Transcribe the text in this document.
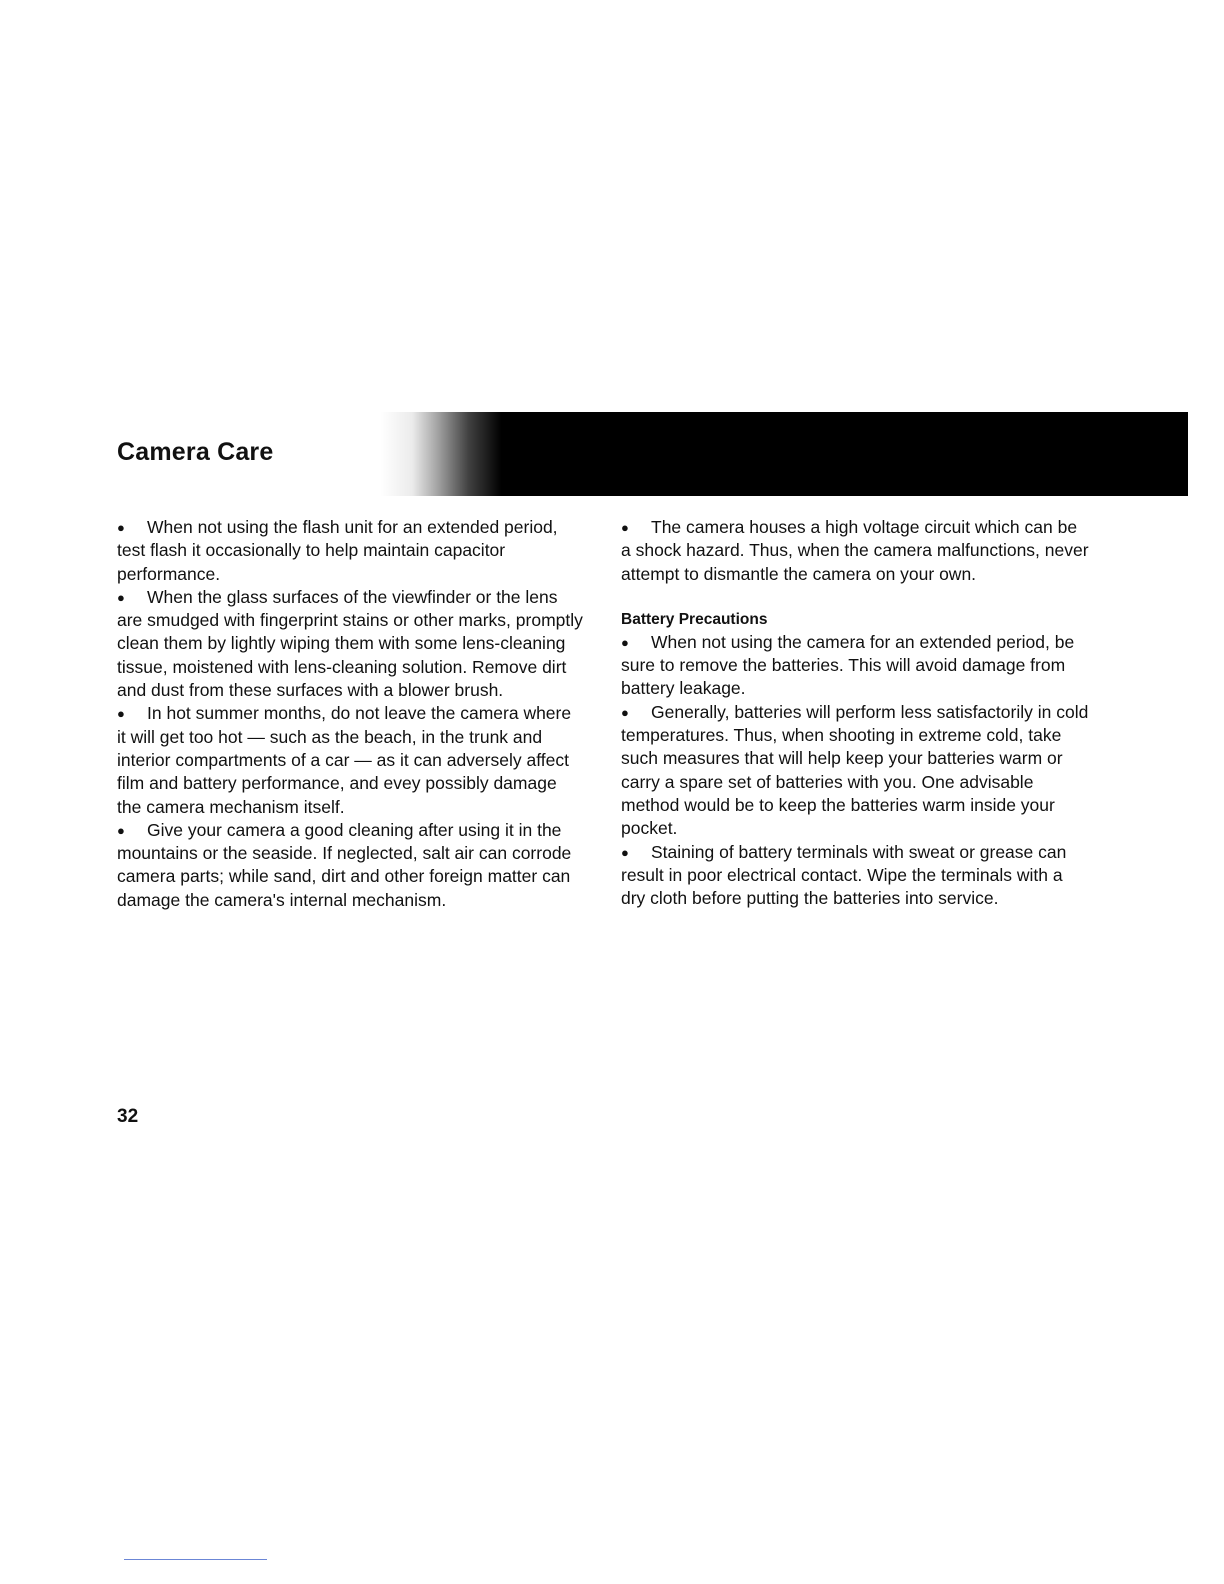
Camera Care

● When not using the flash unit for an extended period, test flash it occasionally to help maintain capacitor performance.

● When the glass surfaces of the viewfinder or the lens are smudged with fingerprint stains or other marks, promptly clean them by lightly wiping them with some lens-cleaning tissue, moistened with lens-cleaning solution. Remove dirt and dust from these surfaces with a blower brush.

● In hot summer months, do not leave the camera where it will get too hot — such as the beach, in the trunk and interior compartments of a car — as it can adversely affect film and battery performance, and evey possibly damage the camera mechanism itself.

● Give your camera a good cleaning after using it in the mountains or the seaside. If neglected, salt air can corrode camera parts; while sand, dirt and other foreign matter can damage the camera's internal mechanism.

● The camera houses a high voltage circuit which can be a shock hazard. Thus, when the camera malfunctions, never attempt to dismantle the camera on your own.

Battery Precautions

● When not using the camera for an extended period, be sure to remove the batteries. This will avoid damage from battery leakage.

● Generally, batteries will perform less satisfactorily in cold temperatures. Thus, when shooting in extreme cold, take such measures that will help keep your batteries warm or carry a spare set of batteries with you. One advisable method would be to keep the batteries warm inside your pocket.

● Staining of battery terminals with sweat or grease can result in poor electrical contact. Wipe the terminals with a dry cloth before putting the batteries into service.

32
